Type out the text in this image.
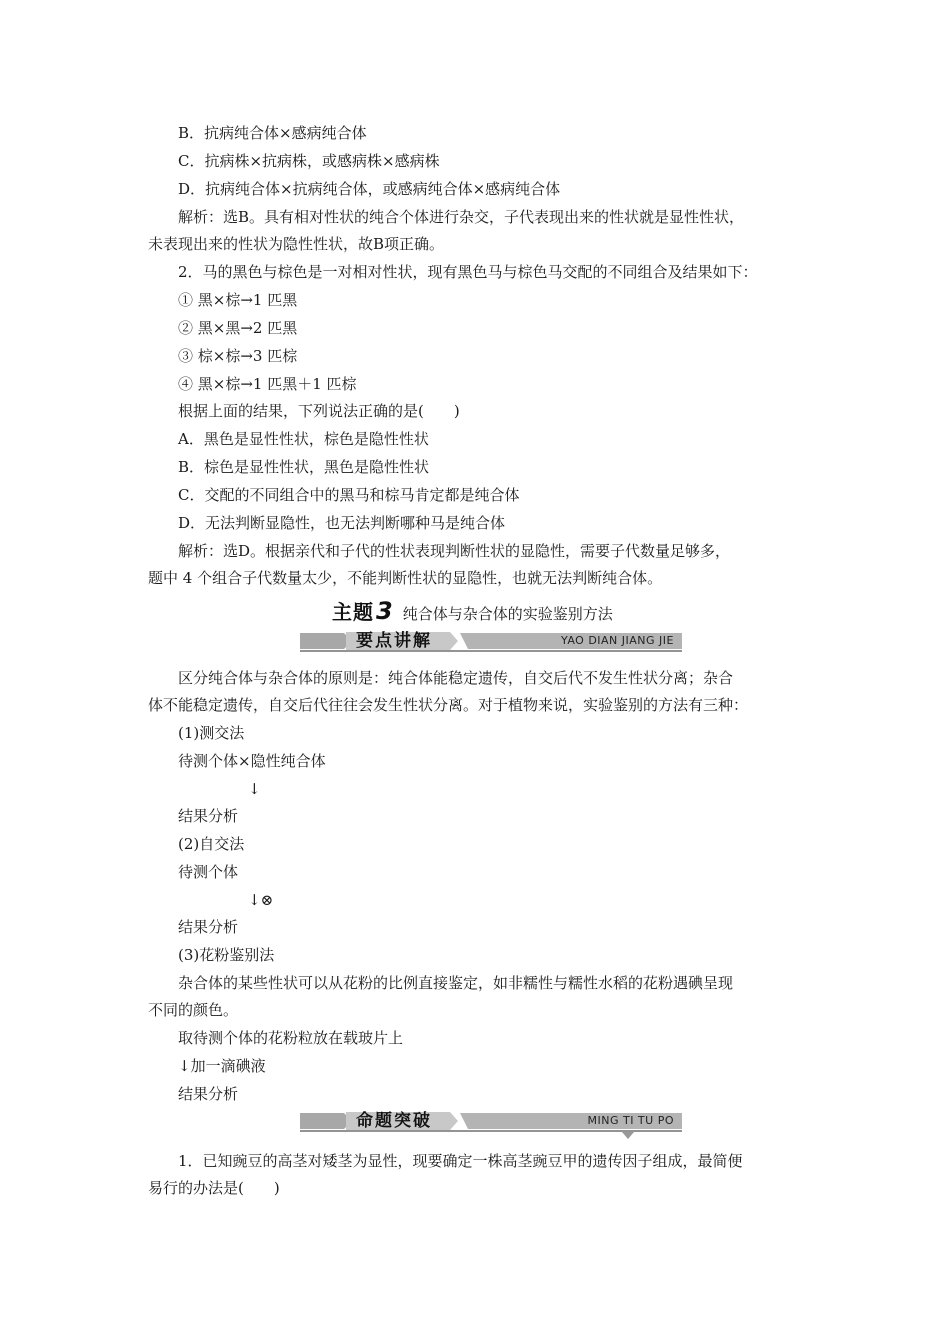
B．抗病纯合体×感病纯合体
C．抗病株×抗病株，或感病株×感病株
D．抗病纯合体×抗病纯合体，或感病纯合体×感病纯合体
解析：选B。具有相对性状的纯合个体进行杂交，子代表现出来的性状就是显性性状，
未表现出来的性状为隐性性状，故B项正确。
2．马的黑色与棕色是一对相对性状，现有黑色马与棕色马交配的不同组合及结果如下：
① 黑×棕→1 匹黑
② 黑×黑→2 匹黑
③ 棕×棕→3 匹棕
④ 黑×棕→1 匹黑＋1 匹棕
根据上面的结果，下列说法正确的是(　　)
A．黑色是显性性状，棕色是隐性性状
B．棕色是显性性状，黑色是隐性性状
C．交配的不同组合中的黑马和棕马肯定都是纯合体
D．无法判断显隐性，也无法判断哪种马是纯合体
解析：选D。根据亲代和子代的性状表现判断性状的显隐性，需要子代数量足够多，
题中 4 个组合子代数量太少，不能判断性状的显隐性，也就无法判断纯合体。
主题3 纯合体与杂合体的实验鉴别方法
要点讲解	YAO DIAN JIANG JIE
区分纯合体与杂合体的原则是：纯合体能稳定遗传，自交后代不发生性状分离；杂合
体不能稳定遗传，自交后代往往会发生性状分离。对于植物来说，实验鉴别的方法有三种：
(1)测交法
待测个体×隐性纯合体
↓
结果分析
(2)自交法
待测个体
↓⊗
结果分析
(3)花粉鉴别法
杂合体的某些性状可以从花粉的比例直接鉴定，如非糯性与糯性水稻的花粉遇碘呈现
不同的颜色。
取待测个体的花粉粒放在载玻片上
↓加一滴碘液
结果分析
命题突破	MING TI TU PO
1．已知豌豆的高茎对矮茎为显性，现要确定一株高茎豌豆甲的遗传因子组成，最简便
易行的办法是(　　)
